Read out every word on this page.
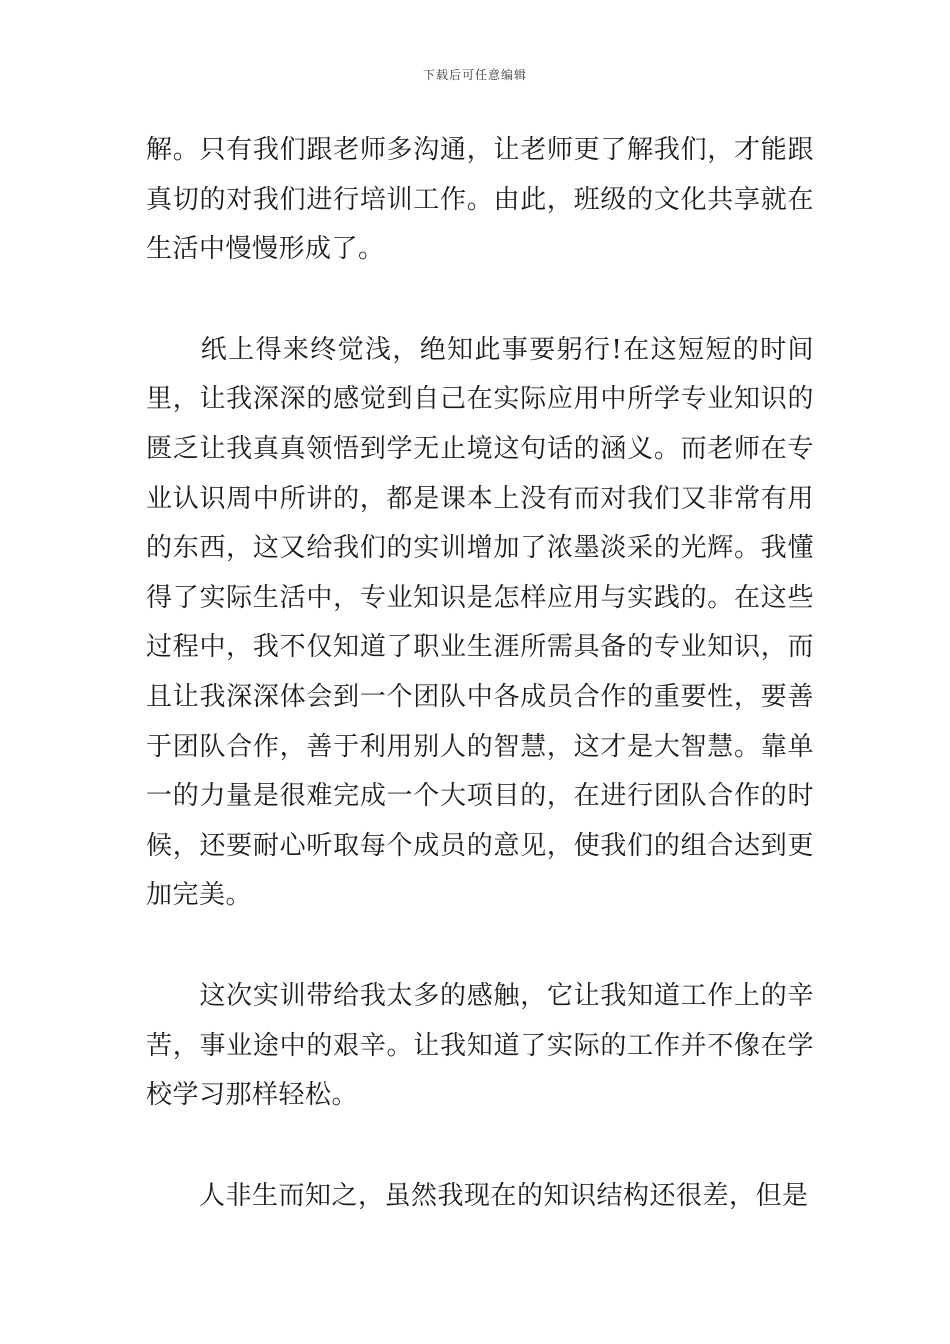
下载后可任意编辑

解。只有我们跟老师多沟通，让老师更了解我们，才能跟真切的对我们进行培训工作。由此，班级的文化共享就在生活中慢慢形成了。

　　纸上得来终觉浅，绝知此事要躬行!在这短短的时间里，让我深深的感觉到自己在实际应用中所学专业知识的匮乏让我真真领悟到学无止境这句话的涵义。而老师在专业认识周中所讲的，都是课本上没有而对我们又非常有用的东西，这又给我们的实训增加了浓墨淡采的光辉。我懂得了实际生活中，专业知识是怎样应用与实践的。在这些过程中，我不仅知道了职业生涯所需具备的专业知识，而且让我深深体会到一个团队中各成员合作的重要性，要善于团队合作，善于利用别人的智慧，这才是大智慧。靠单一的力量是很难完成一个大项目的，在进行团队合作的时候，还要耐心听取每个成员的意见，使我们的组合达到更加完美。

　　这次实训带给我太多的感触，它让我知道工作上的辛苦，事业途中的艰辛。让我知道了实际的工作并不像在学校学习那样轻松。

　　人非生而知之，虽然我现在的知识结构还很差，但是
